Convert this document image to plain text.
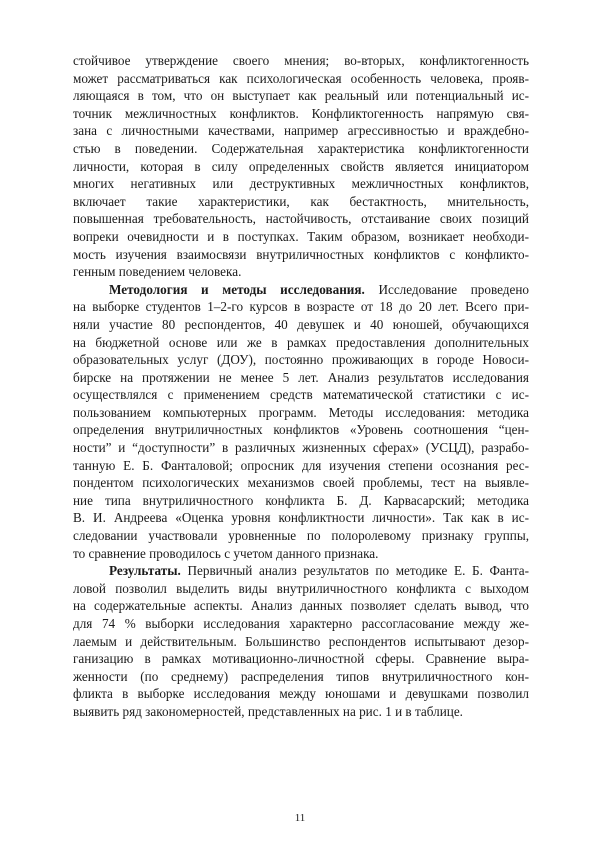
стойчивое утверждение своего мнения; во-вторых, конфликтогенность
может рассматриваться как психологическая особенность человека, прояв-
ляющаяся в том, что он выступает как реальный или потенциальный ис-
точник межличностных конфликтов. Конфликтогенность напрямую свя-
зана с личностными качествами, например агрессивностью и враждебно-
стью в поведении. Содержательная характеристика конфликтогенности
личности, которая в силу определенных свойств является инициатором
многих негативных или деструктивных межличностных конфликтов,
включает такие характеристики, как бестактность, мнительность,
повышенная требовательность, настойчивость, отстаивание своих позиций
вопреки очевидности и в поступках. Таким образом, возникает необходи-
мость изучения взаимосвязи внутриличностных конфликтов с конфликто-
генным поведением человека.
Методология и методы исследования. Исследование проведено
на выборке студентов 1–2-го курсов в возрасте от 18 до 20 лет. Всего при-
няли участие 80 респондентов, 40 девушек и 40 юношей, обучающихся
на бюджетной основе или же в рамках предоставления дополнительных
образовательных услуг (ДОУ), постоянно проживающих в городе Новоси-
бирске на протяжении не менее 5 лет. Анализ результатов исследования
осуществлялся с применением средств математической статистики с ис-
пользованием компьютерных программ. Методы исследования: методика
определения внутриличностных конфликтов «Уровень соотношения “цен-
ности” и “доступности” в различных жизненных сферах» (УСЦД), разрабо-
танную Е. Б. Фанталовой; опросник для изучения степени осознания рес-
пондентом психологических механизмов своей проблемы, тест на выявле-
ние типа внутриличностного конфликта Б. Д. Карвасарский; методика
В. И. Андреева «Оценка уровня конфликтности личности». Так как в ис-
следовании участвовали уровненные по полоролевому признаку группы,
то сравнение проводилось с учетом данного признака.
Результаты. Первичный анализ результатов по методике Е. Б. Фанта-
ловой позволил выделить виды внутриличностного конфликта с выходом
на содержательные аспекты. Анализ данных позволяет сделать вывод, что
для 74 % выборки исследования характерно рассогласование между же-
лаемым и действительным. Большинство респондентов испытывают дезор-
ганизацию в рамках мотивационно-личностной сферы. Сравнение выра-
женности (по среднему) распределения типов внутриличностного кон-
фликта в выборке исследования между юношами и девушками позволил
выявить ряд закономерностей, представленных на рис. 1 и в таблице.
11
